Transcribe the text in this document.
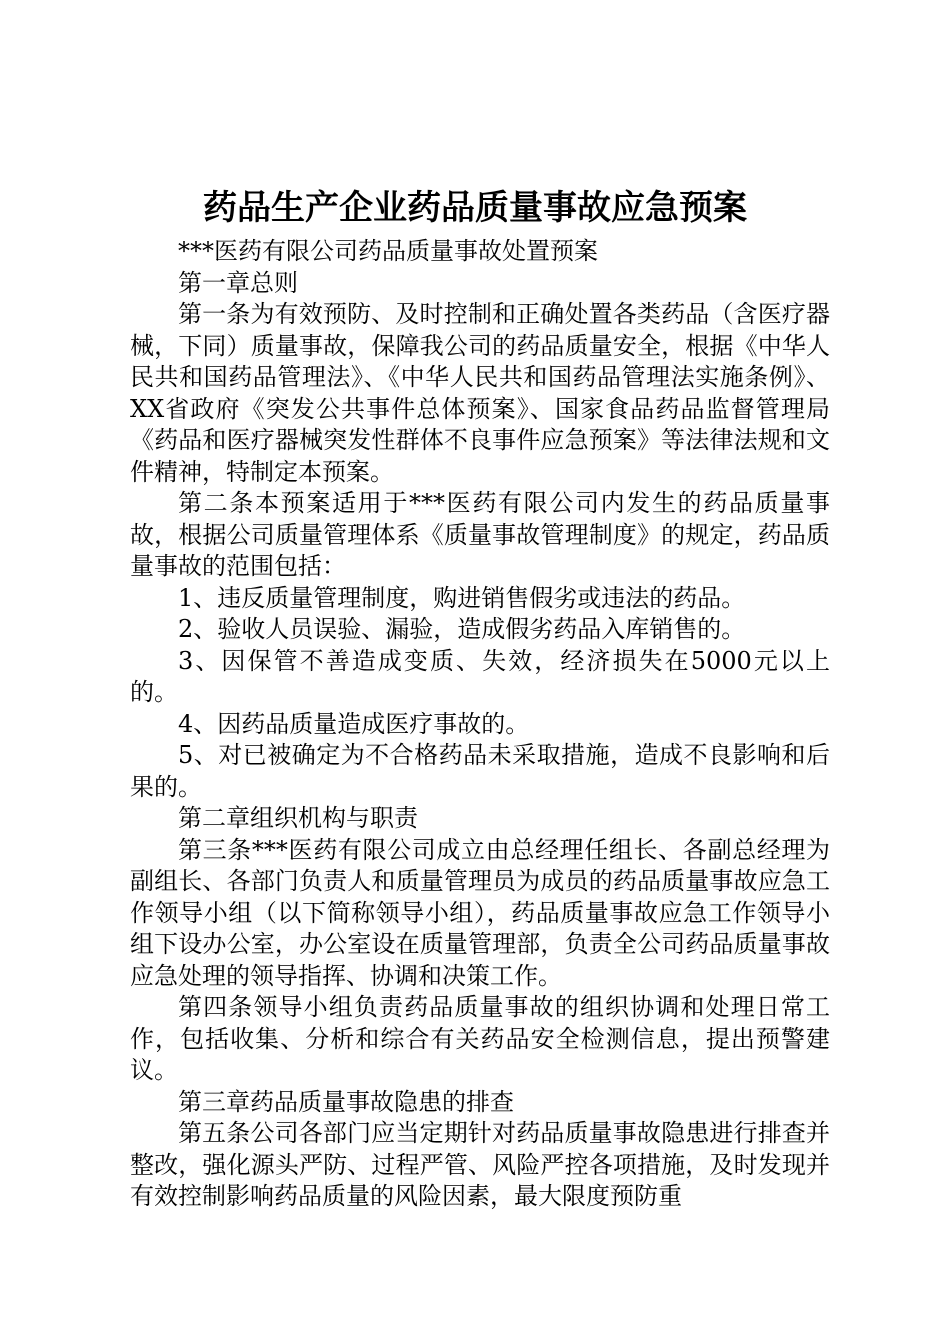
药品生产企业药品质量事故应急预案

***医药有限公司药品质量事故处置预案

第一章总则

第一条为有效预防、及时控制和正确处置各类药品（含医疗器械，下同）质量事故，保障我公司的药品质量安全，根据《中华人民共和国药品管理法》、《中华人民共和国药品管理法实施条例》、XX省政府《突发公共事件总体预案》、国家食品药品监督管理局《药品和医疗器械突发性群体不良事件应急预案》等法律法规和文件精神，特制定本预案。

第二条本预案适用于***医药有限公司内发生的药品质量事故，根据公司质量管理体系《质量事故管理制度》的规定，药品质量事故的范围包括：

1、违反质量管理制度，购进销售假劣或违法的药品。

2、验收人员误验、漏验，造成假劣药品入库销售的。

3、因保管不善造成变质、失效，经济损失在5000元以上的。

4、因药品质量造成医疗事故的。

5、对已被确定为不合格药品未采取措施，造成不良影响和后果的。

第二章组织机构与职责

第三条***医药有限公司成立由总经理任组长、各副总经理为副组长、各部门负责人和质量管理员为成员的药品质量事故应急工作领导小组（以下简称领导小组），药品质量事故应急工作领导小组下设办公室，办公室设在质量管理部，负责全公司药品质量事故应急处理的领导指挥、协调和决策工作。

第四条领导小组负责药品质量事故的组织协调和处理日常工作，包括收集、分析和综合有关药品安全检测信息，提出预警建议。

第三章药品质量事故隐患的排查

第五条公司各部门应当定期针对药品质量事故隐患进行排查并整改，强化源头严防、过程严管、风险严控各项措施，及时发现并有效控制影响药品质量的风险因素，最大限度预防重
